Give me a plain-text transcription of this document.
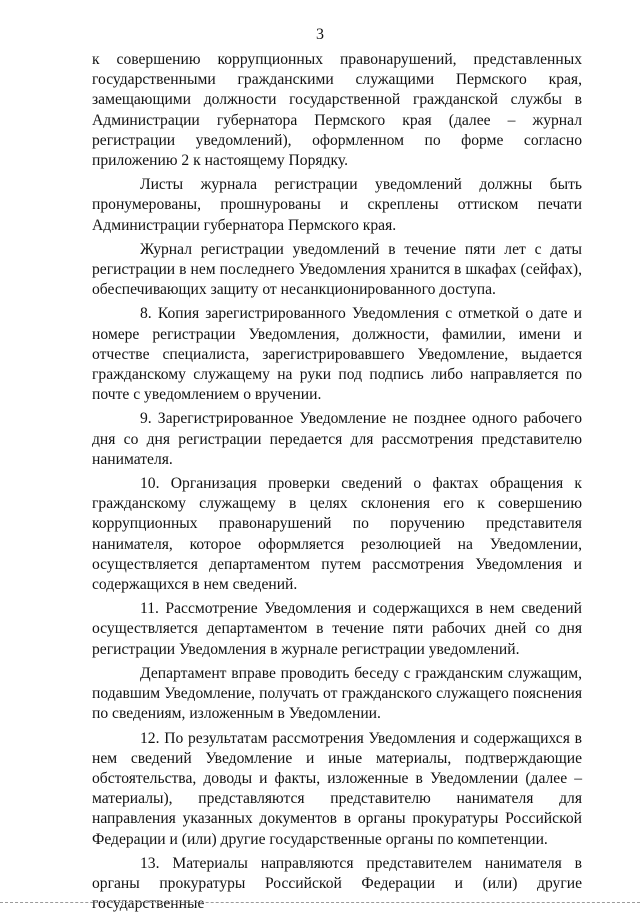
3

к совершению коррупционных правонарушений, представленных государственными гражданскими служащими Пермского края, замещающими должности государственной гражданской службы в Администрации губернатора Пермского края (далее – журнал регистрации уведомлений), оформленном по форме согласно приложению 2 к настоящему Порядку.

Листы журнала регистрации уведомлений должны быть пронумерованы, прошнурованы и скреплены оттиском печати Администрации губернатора Пермского края.

Журнал регистрации уведомлений в течение пяти лет с даты регистрации в нем последнего Уведомления хранится в шкафах (сейфах), обеспечивающих защиту от несанкционированного доступа.

8. Копия зарегистрированного Уведомления с отметкой о дате и номере регистрации Уведомления, должности, фамилии, имени и отчестве специалиста, зарегистрировавшего Уведомление, выдается гражданскому служащему на руки под подпись либо направляется по почте с уведомлением о вручении.

9. Зарегистрированное Уведомление не позднее одного рабочего дня со дня регистрации передается для рассмотрения представителю нанимателя.

10. Организация проверки сведений о фактах обращения к гражданскому служащему в целях склонения его к совершению коррупционных правонарушений по поручению представителя нанимателя, которое оформляется резолюцией на Уведомлении, осуществляется департаментом путем рассмотрения Уведомления и содержащихся в нем сведений.

11. Рассмотрение Уведомления и содержащихся в нем сведений осуществляется департаментом в течение пяти рабочих дней со дня регистрации Уведомления в журнале регистрации уведомлений.

Департамент вправе проводить беседу с гражданским служащим, подавшим Уведомление, получать от гражданского служащего пояснения по сведениям, изложенным в Уведомлении.

12. По результатам рассмотрения Уведомления и содержащихся в нем сведений Уведомление и иные материалы, подтверждающие обстоятельства, доводы и факты, изложенные в Уведомлении (далее – материалы), представляются представителю нанимателя для направления указанных документов в органы прокуратуры Российской Федерации и (или) другие государственные органы по компетенции.

13. Материалы направляются представителем нанимателя в органы прокуратуры Российской Федерации и (или) другие государственные
